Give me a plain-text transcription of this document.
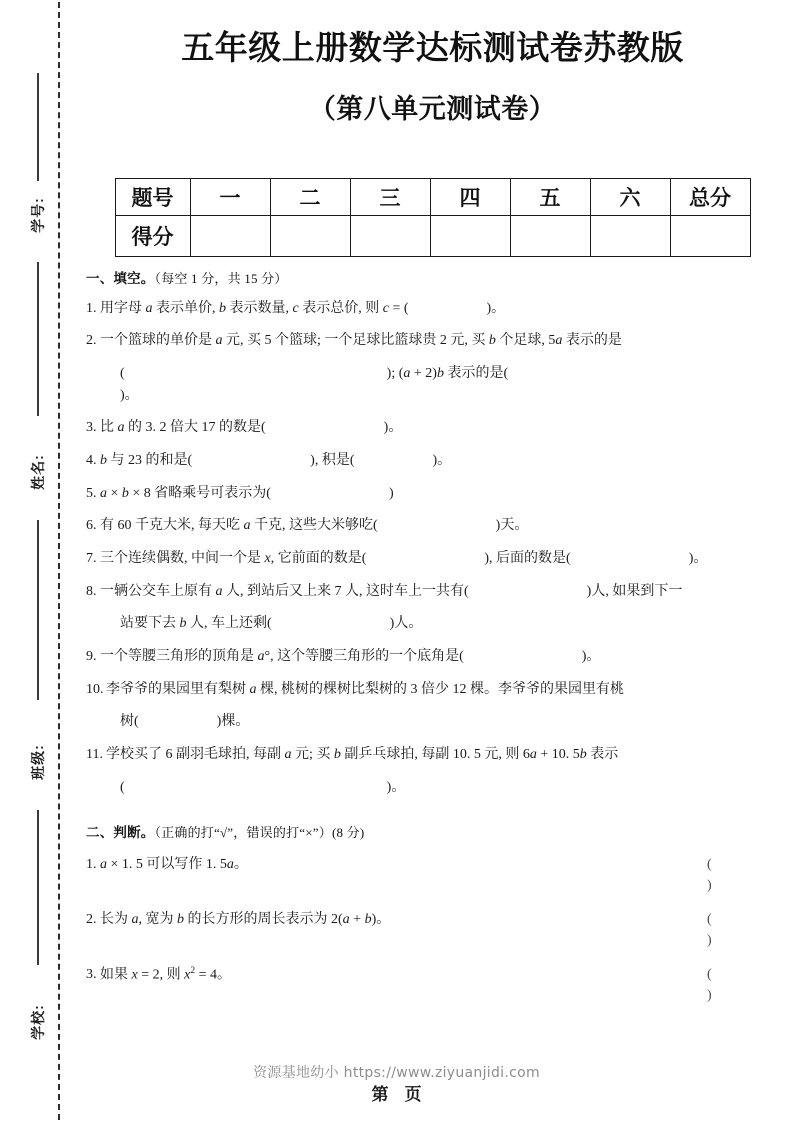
学号:
姓名:
班级:
学校:
五年级上册数学达标测试卷苏教版
（第八单元测试卷）
题号	一	二	三	四	五	六	总分
得分							
一、填空。（每空 1 分，共 15 分）
1. 用字母 a 表示单价, b 表示数量, c 表示总价, 则 c = (	)。
2. 一个篮球的单价是 a 元, 买 5 个篮球; 一个足球比篮球贵 2 元, 买 b 个足球, 5a 表示的是
(	); (a + 2)b 表示的是()。
3. 比 a 的 3. 2 倍大 17 的数是(	)。
4. b 与 23 的和是(	), 积是(	)。
5. a × b × 8 省略乘号可表示为(	)
6. 有 60 千克大米, 每天吃 a 千克, 这些大米够吃(	)天。
7. 三个连续偶数, 中间一个是 x, 它前面的数是(	), 后面的数是(	)。
8. 一辆公交车上原有 a 人, 到站后又上来 7 人, 这时车上一共有(	)人, 如果到下一
站要下去 b 人, 车上还剩(	)人。
9. 一个等腰三角形的顶角是 a°, 这个等腰三角形的一个底角是(	)。
10. 李爷爷的果园里有梨树 a 棵, 桃树的棵树比梨树的 3 倍少 12 棵。李爷爷的果园里有桃
树(	)棵。
11. 学校买了 6 副羽毛球拍, 每副 a 元; 买 b 副乒乓球拍, 每副 10. 5 元, 则 6a + 10. 5b 表示
(	)。
二、判断。（正确的打“√”，错误的打“×”）(8 分)
1. a × 1. 5 可以写作 1. 5a。	( )
2. 长为 a, 宽为 b 的长方形的周长表示为 2(a + b)。	( )
3. 如果 x = 2, 则 $x^2 = 4$。	( )
资源基地幼小 https://www.ziyuanjidi.com
第 页
